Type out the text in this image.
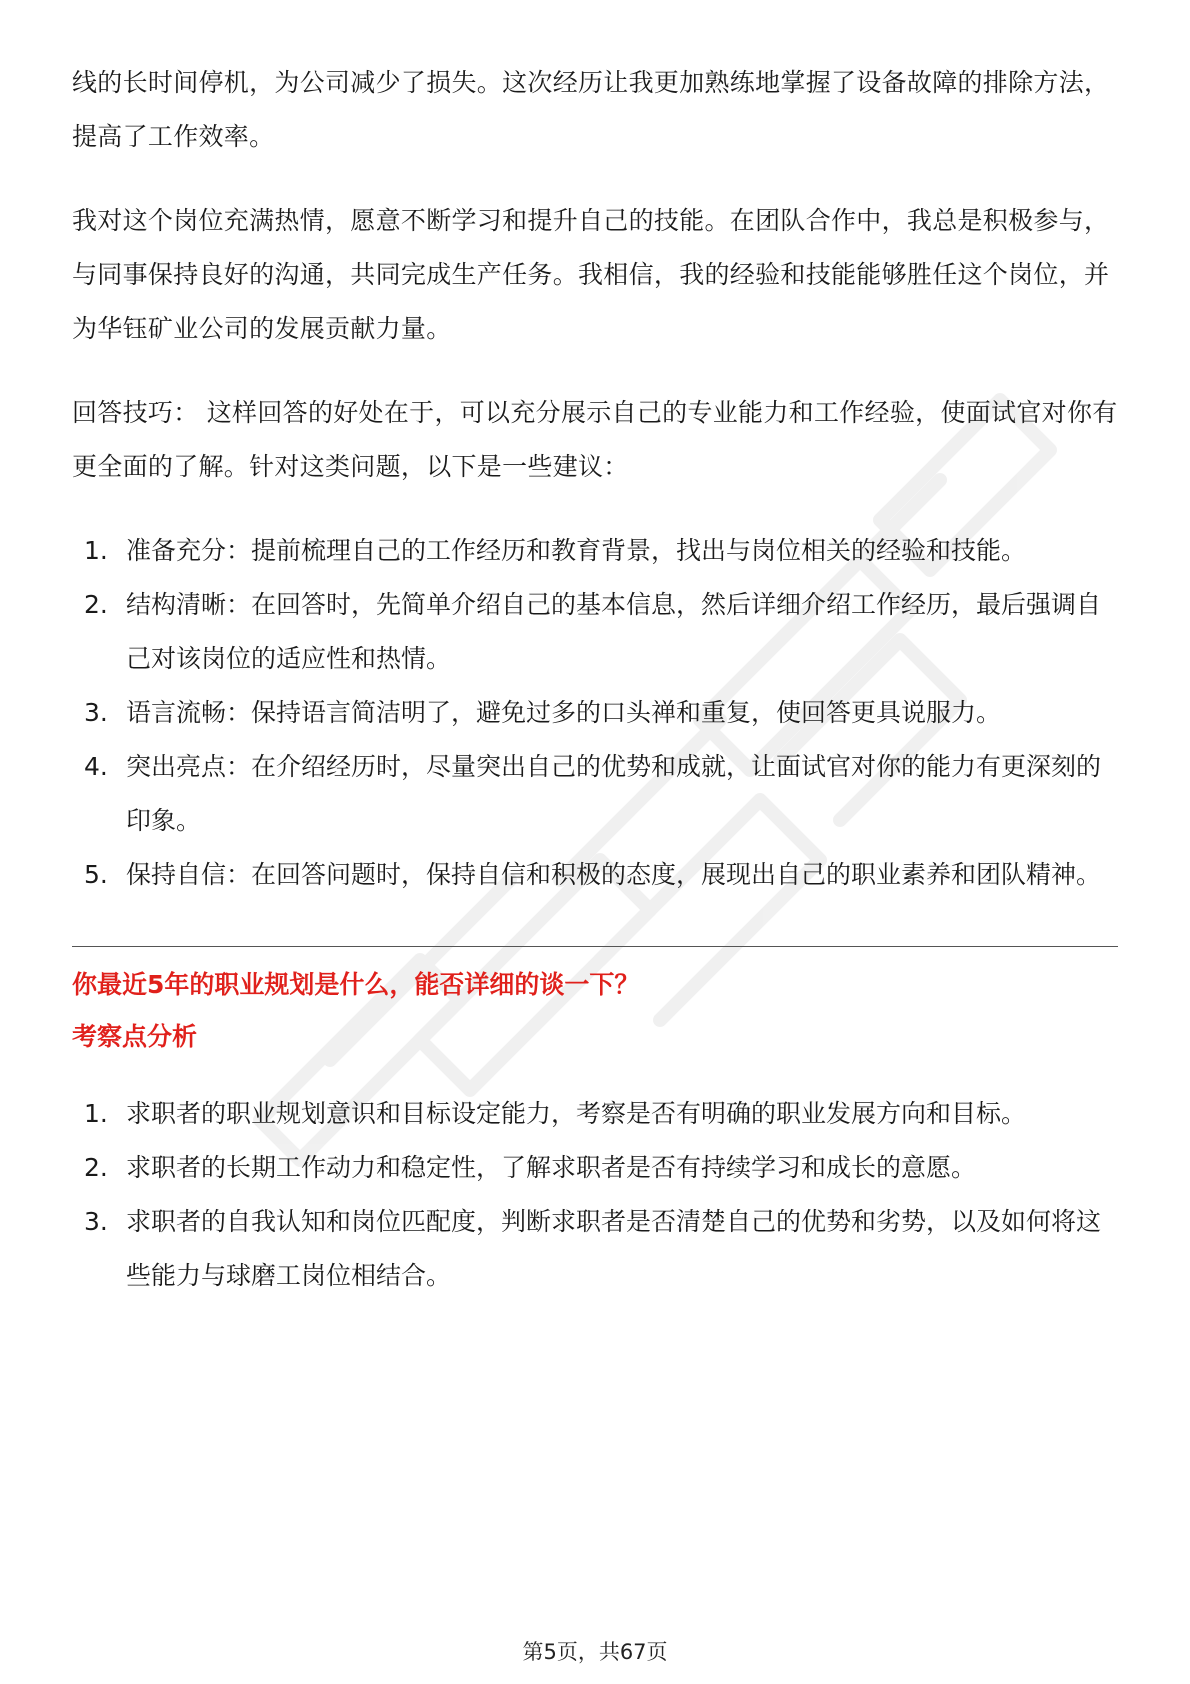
线的长时间停机，为公司减少了损失。这次经历让我更加熟练地掌握了设备故障的排除方法，提高了工作效率。

我对这个岗位充满热情，愿意不断学习和提升自己的技能。在团队合作中，我总是积极参与，与同事保持良好的沟通，共同完成生产任务。我相信，我的经验和技能能够胜任这个岗位，并为华钰矿业公司的发展贡献力量。

回答技巧： 这样回答的好处在于，可以充分展示自己的专业能力和工作经验，使面试官对你有更全面的了解。针对这类问题，以下是一些建议：

1. 准备充分：提前梳理自己的工作经历和教育背景，找出与岗位相关的经验和技能。
2. 结构清晰：在回答时，先简单介绍自己的基本信息，然后详细介绍工作经历，最后强调自己对该岗位的适应性和热情。
3. 语言流畅：保持语言简洁明了，避免过多的口头禅和重复，使回答更具说服力。
4. 突出亮点：在介绍经历时，尽量突出自己的优势和成就，让面试官对你的能力有更深刻的印象。
5. 保持自信：在回答问题时，保持自信和积极的态度，展现出自己的职业素养和团队精神。

你最近5年的职业规划是什么，能否详细的谈一下？

考察点分析

1. 求职者的职业规划意识和目标设定能力，考察是否有明确的职业发展方向和目标。
2. 求职者的长期工作动力和稳定性，了解求职者是否有持续学习和成长的意愿。
3. 求职者的自我认知和岗位匹配度，判断求职者是否清楚自己的优势和劣势，以及如何将这些能力与球磨工岗位相结合。
第5页，共67页
